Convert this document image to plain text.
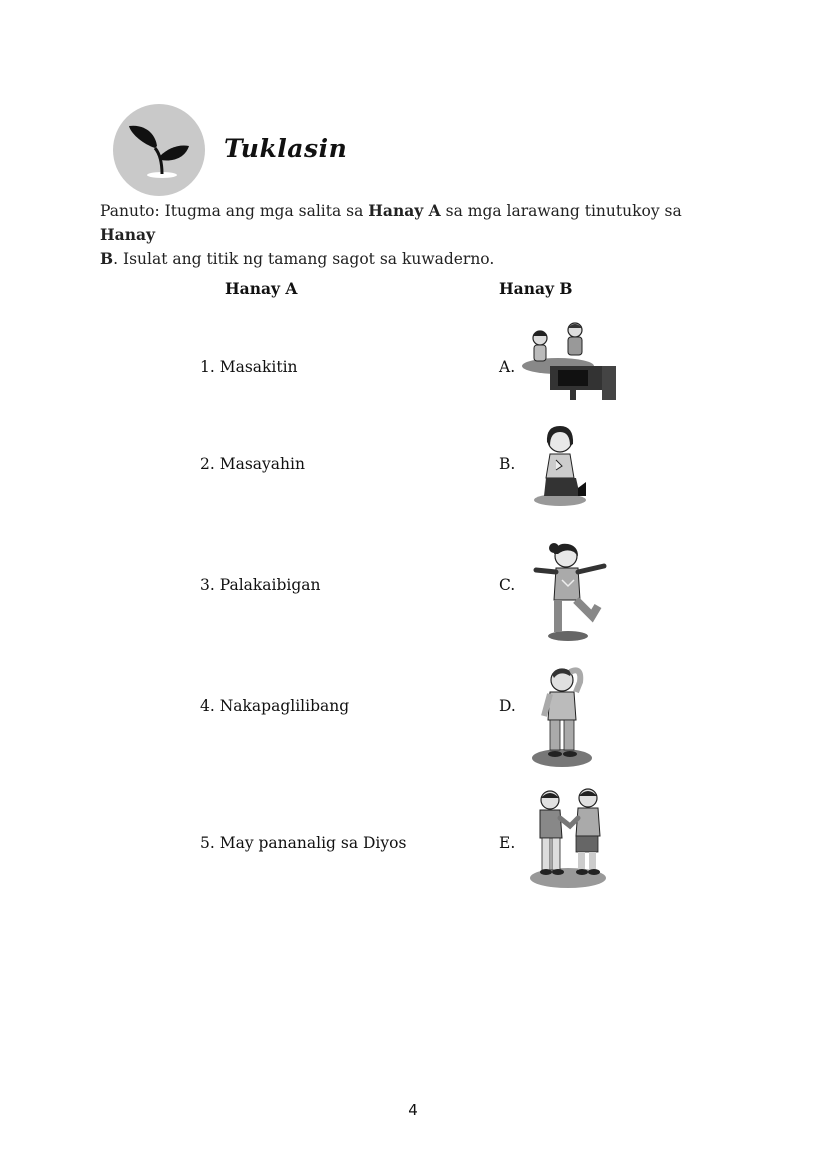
Tuklasin
Panuto: Itugma ang mga salita sa Hanay A sa mga larawang tinutukoy sa Hanay
B. Isulat ang titik ng tamang sagot sa kuwaderno.
Hanay A	Hanay B
1. Masakitin
2. Masayahin
3. Palakaibigan
4. Nakapaglilibang
5. May pananalig sa Diyos
A.
B.
C.
D.
E.
4
